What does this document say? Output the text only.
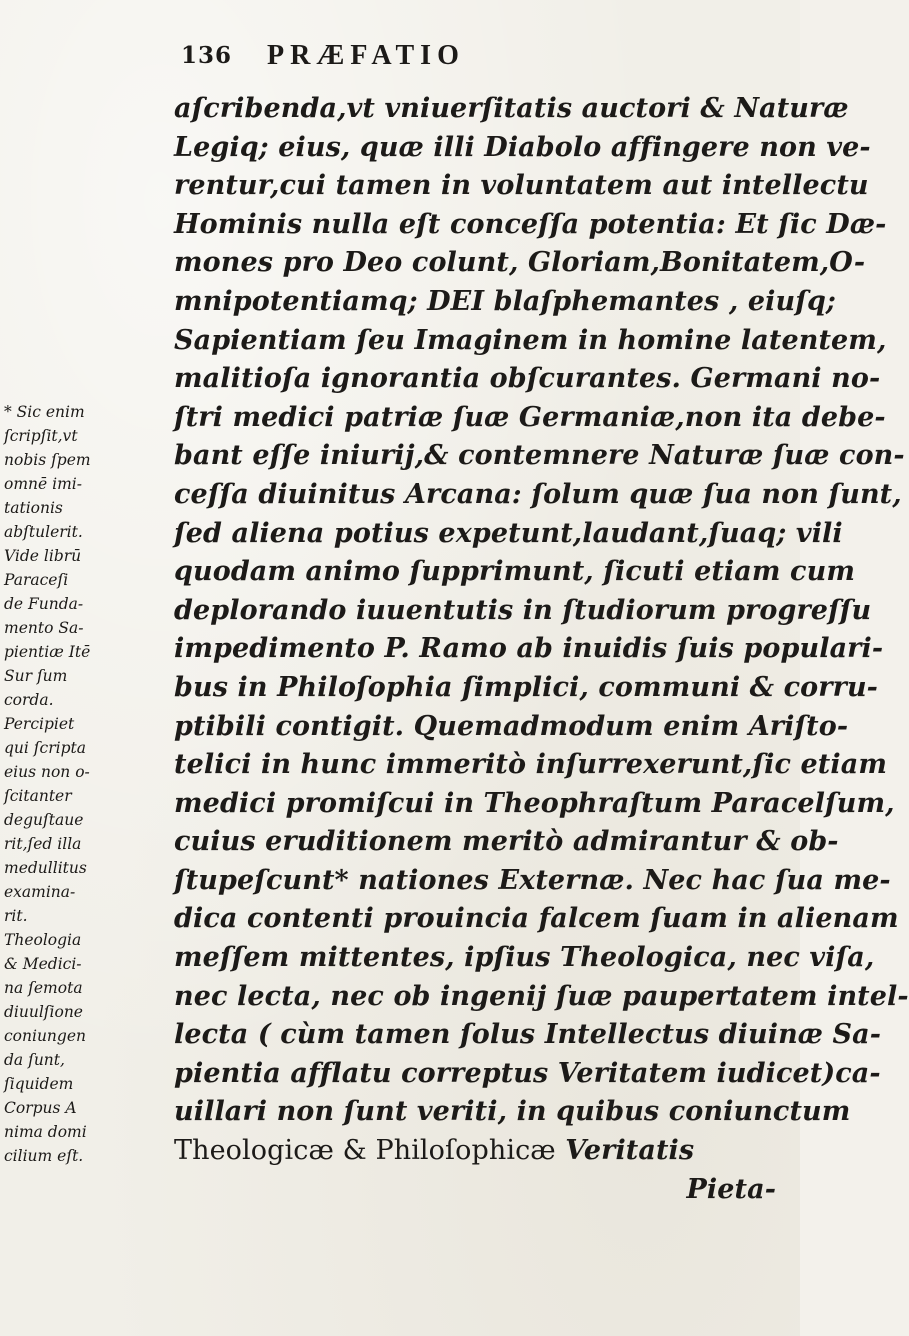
136 PRÆFATIO
aſcribenda,vt vniuerſitatis auctori & Naturæ
Legiq; eius, quæ illi Diabolo affingere non ve-
rentur,cui tamen in voluntatem aut intellectu
Hominis nulla eſt conceſſa potentia: Et ſic Dæ-
mones pro Deo colunt, Gloriam,Bonitatem,O-
mnipotentiamq; DEI blaſphemantes , eiuſq;
Sapientiam ſeu Imaginem in homine latentem,
malitioſa ignorantia obſcurantes. Germani no-
ſtri medici patriæ ſuæ Germaniæ,non ita debe-
bant eſſe iniurij,& contemnere Naturæ ſuæ con-
ceſſa diuinitus Arcana: ſolum quæ ſua non ſunt,
ſed aliena potius expetunt,laudant,ſuaq; vili
quodam animo ſupprimunt, ſicuti etiam cum
deplorando iuuentutis in ſtudiorum progreſſu
impedimento P. Ramo ab inuidis ſuis populari-
bus in Philoſophia ſimplici, communi & corru-
ptibili contigit. Quemadmodum enim Ariſto-
telici in hunc immeritò inſurrexerunt,ſic etiam
medici promiſcui in Theophraſtum Paracelſum,
cuius eruditionem meritò admirantur & ob-
ſtupeſcunt* nationes Externæ. Nec hac ſua me-
dica contenti prouincia falcem ſuam in alienam
meſſem mittentes, ipſius Theologica, nec viſa,
nec lecta, nec ob ingenij ſuæ paupertatem intel-
lecta ( cùm tamen ſolus Intellectus diuinæ Sa-
pientia afflatu correptus Veritatem iudicet)ca-
uillari non ſunt veriti, in quibus coniunctum
Theologicæ & Philoſophicæ Veritatis
Pieta-
* Sic enim
ſcripſit,vt
nobis ſpem
omnē imi-
tationis
abſtulerit.
Vide librū
Paraceſi
de Funda-
mento Sa-
pientiæ Itē
Sur ſum
corda.
Percipiet
qui ſcripta
eius non o-
ſcitanter
deguſtaue
rit,ſed illa
medullitus
examina-
rit.
Theologia
& Medici-
na ſemota
diuulſione
coniungen
da ſunt,
ſiquidem
Corpus A
nima domi
cilium eſt.
